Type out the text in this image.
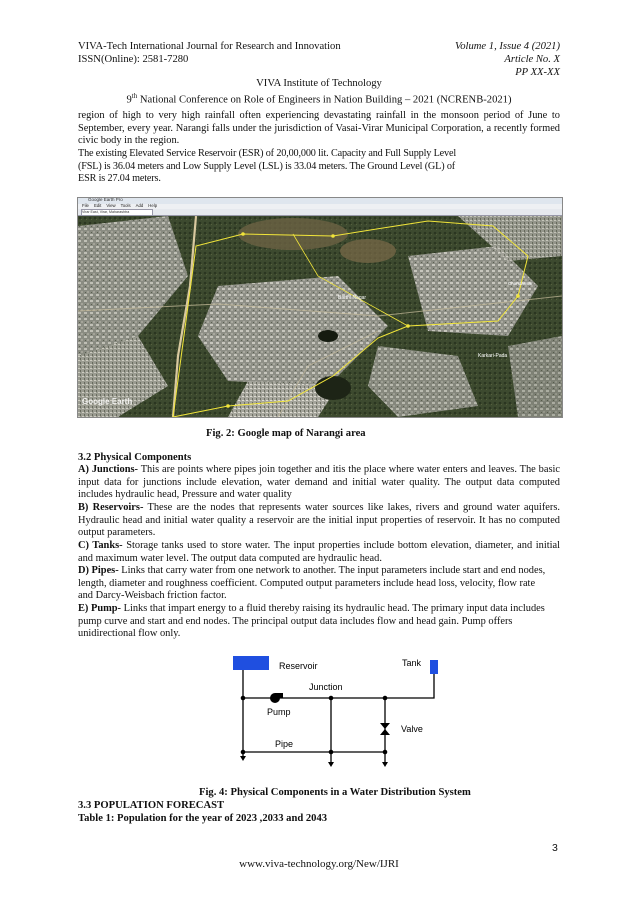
VIVA-Tech International Journal for Research and Innovation
ISSN(Online): 2581-7280
Volume 1, Issue 4 (2021)
Article No. X
PP XX-XX
VIVA Institute of Technology
9th National Conference on Role of Engineers in Nation Building – 2021 (NCRENB-2021)
region of high to very high rainfall often experiencing devastating rainfall in the monsoon period of June to September, every year. Narangi falls under the jurisdiction of Vasai-Virar Municipal Corporation, a recently formed civic body in the region.
The existing Elevated Service Reservoir (ESR) of 20,00,000 lit. Capacity and Full Supply Level
(FSL) is 36.04 meters and Low Supply Level (LSL) is 33.04 meters. The Ground Level (GL) of
ESR is 27.04 meters.
Google Earth Pro
File Edit View Tools Add Help
Virar East, Virar, Maharashtra
Barthi Nagar
Karkari-Pada
Chandansar
Google Earth
Fig. 2: Google map of Narangi area
3.2 Physical Components
A) Junctions- This are points where pipes join together and itis the place where water enters and leaves. The basic input data for junctions include elevation, water demand and initial water quality. The output data computed includes hydraulic head, Pressure and water quality
B) Reservoirs- These are the nodes that represents water sources like lakes, rivers and ground water aquifers. Hydraulic head and initial water quality a reservoir are the initial input properties of reservoir. It has no computed output parameters.
C) Tanks- Storage tanks used to store water. The input properties include bottom elevation, diameter, and initial and maximum water level. The output data computed are hydraulic head.
D) Pipes- Links that carry water from one network to another. The input parameters include start and end nodes,
length, diameter and roughness coefficient. Computed output parameters include head loss, velocity, flow rate
and Darcy-Weisbach friction factor.
E) Pump- Links that impart energy to a fluid thereby raising its hydraulic head. The primary input data includes
pump curve and start and end nodes. The principal output data includes flow and head gain. Pump offers
unidirectional flow only.
Reservoir	Tank
Junction
Pump
Valve
Pipe
Fig. 4: Physical Components in a Water Distribution System
3.3 POPULATION FORECAST
Table 1: Population for the year of 2023 ,2033 and 2043
3
www.viva-technology.org/New/IJRI
